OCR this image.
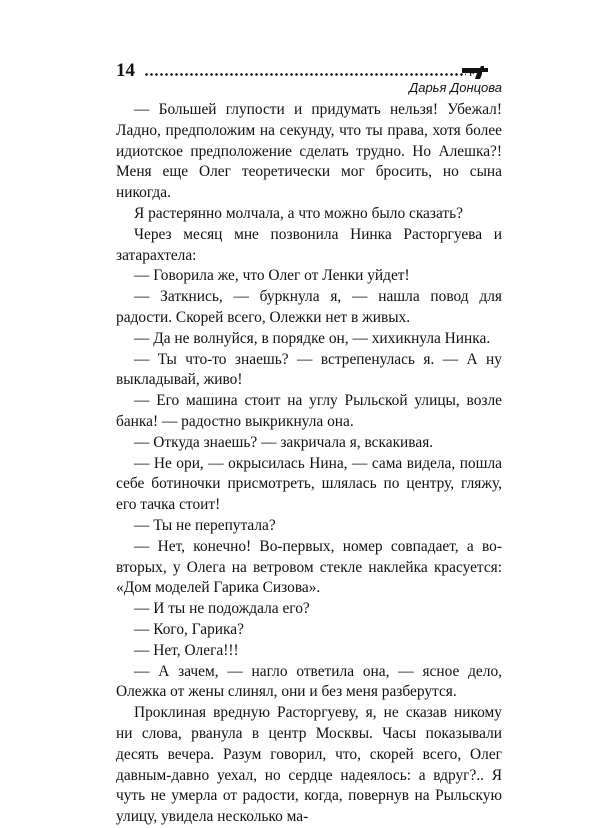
14
Дарья Донцова

— Большей глупости и придумать нельзя! Убежал! Ладно, предположим на секунду, что ты права, хотя более идиотское предположение сделать трудно. Но Алешка?! Меня еще Олег теоретически мог бросить, но сына никогда.

Я растерянно молчала, а что можно было сказать?

Через месяц мне позвонила Нинка Расторгуева и затарахтела:

— Говорила же, что Олег от Ленки уйдет!

— Заткнись, — буркнула я, — нашла повод для радости. Скорей всего, Олежки нет в живых.

— Да не волнуйся, в порядке он, — хихикнула Нинка.

— Ты что-то знаешь? — встрепенулась я. — А ну выкладывай, живо!

— Его машина стоит на углу Рыльской улицы, возле банка! — радостно выкрикнула она.

— Откуда знаешь? — закричала я, вскакивая.

— Не ори, — окрысилась Нина, — сама видела, пошла себе ботиночки присмотреть, шлялась по центру, гляжу, его тачка стоит!

— Ты не перепутала?

— Нет, конечно! Во-первых, номер совпадает, а во-вторых, у Олега на ветровом стекле наклейка красуется: «Дом моделей Гарика Сизова».

— И ты не подождала его?

— Кого, Гарика?

— Нет, Олега!!!

— А зачем, — нагло ответила она, — ясное дело, Олежка от жены слинял, они и без меня разберутся.

Проклиная вредную Расторгуеву, я, не сказав никому ни слова, рванула в центр Москвы. Часы показывали десять вечера. Разум говорил, что, скорей всего, Олег давным-давно уехал, но сердце надеялось: а вдруг?.. Я чуть не умерла от радости, когда, повернув на Рыльскую улицу, увидела несколько ма-
